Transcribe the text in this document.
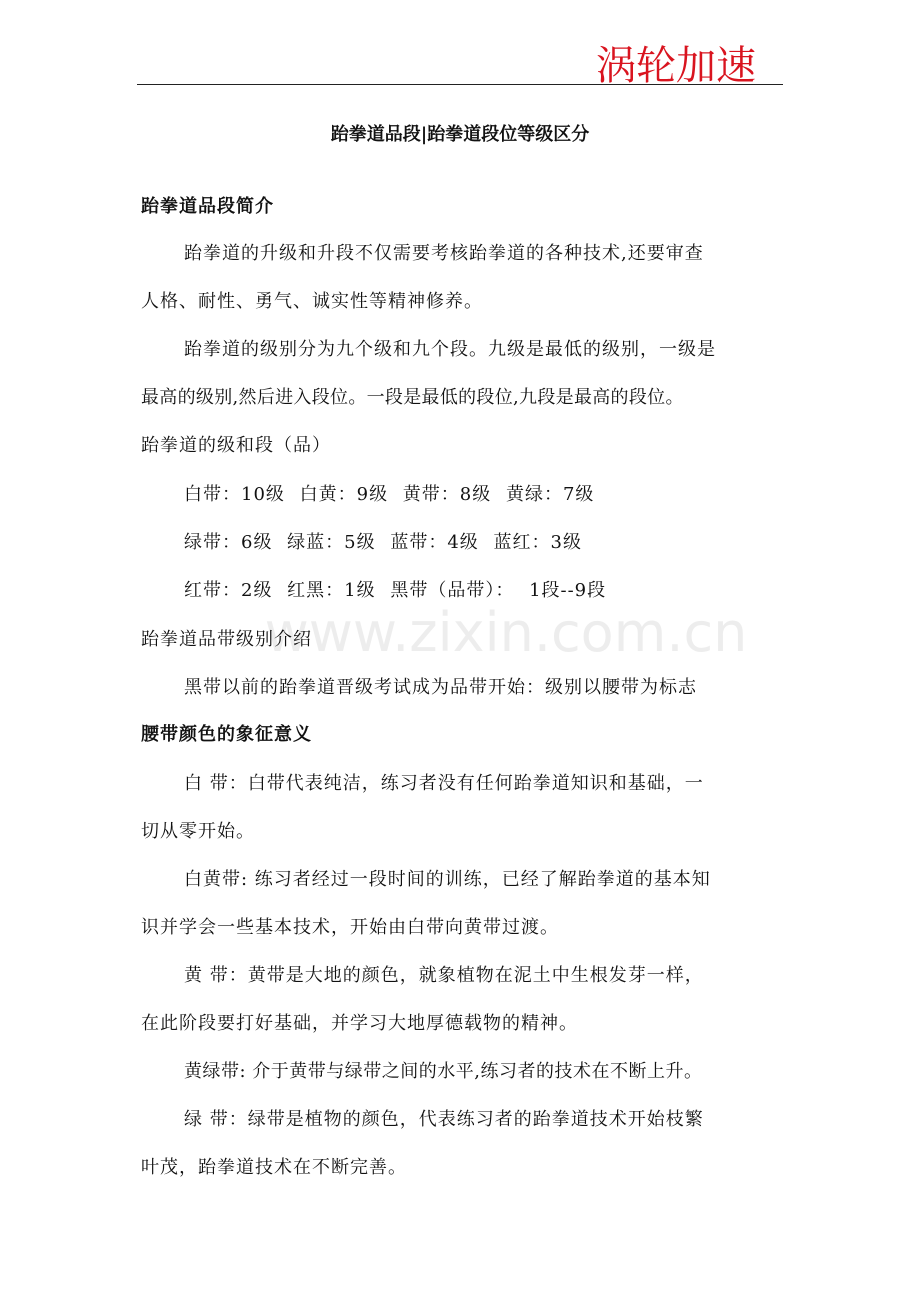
涡轮加速
跆拳道品段|跆拳道段位等级区分
www.zixin.com.cn
跆拳道品段简介
跆拳道的升级和升段不仅需要考核跆拳道的各种技术,还要审查
人格、耐性、勇气、诚实性等精神修养。
跆拳道的级别分为九个级和九个段。九级是最低的级别，一级是
最高的级别,然后进入段位。一段是最低的段位,九段是最高的段位。
跆拳道的级和段（品）
白带：10级 白黄：9级 黄带：8级 黄绿：7级
绿带：6级 绿蓝：5级 蓝带：4级 蓝红：3级
红带：2级 红黑：1级 黑带（品带）： 1段--9段
跆拳道品带级别介绍
黑带以前的跆拳道晋级考试成为品带开始：级别以腰带为标志
腰带颜色的象征意义
白 带：白带代表纯洁，练习者没有任何跆拳道知识和基础，一
切从零开始。
白黄带: 练习者经过一段时间的训练，已经了解跆拳道的基本知
识并学会一些基本技术，开始由白带向黄带过渡。
黄 带：黄带是大地的颜色，就象植物在泥土中生根发芽一样，
在此阶段要打好基础，并学习大地厚德载物的精神。
黄绿带: 介于黄带与绿带之间的水平,练习者的技术在不断上升。
绿 带：绿带是植物的颜色，代表练习者的跆拳道技术开始枝繁
叶茂，跆拳道技术在不断完善。
